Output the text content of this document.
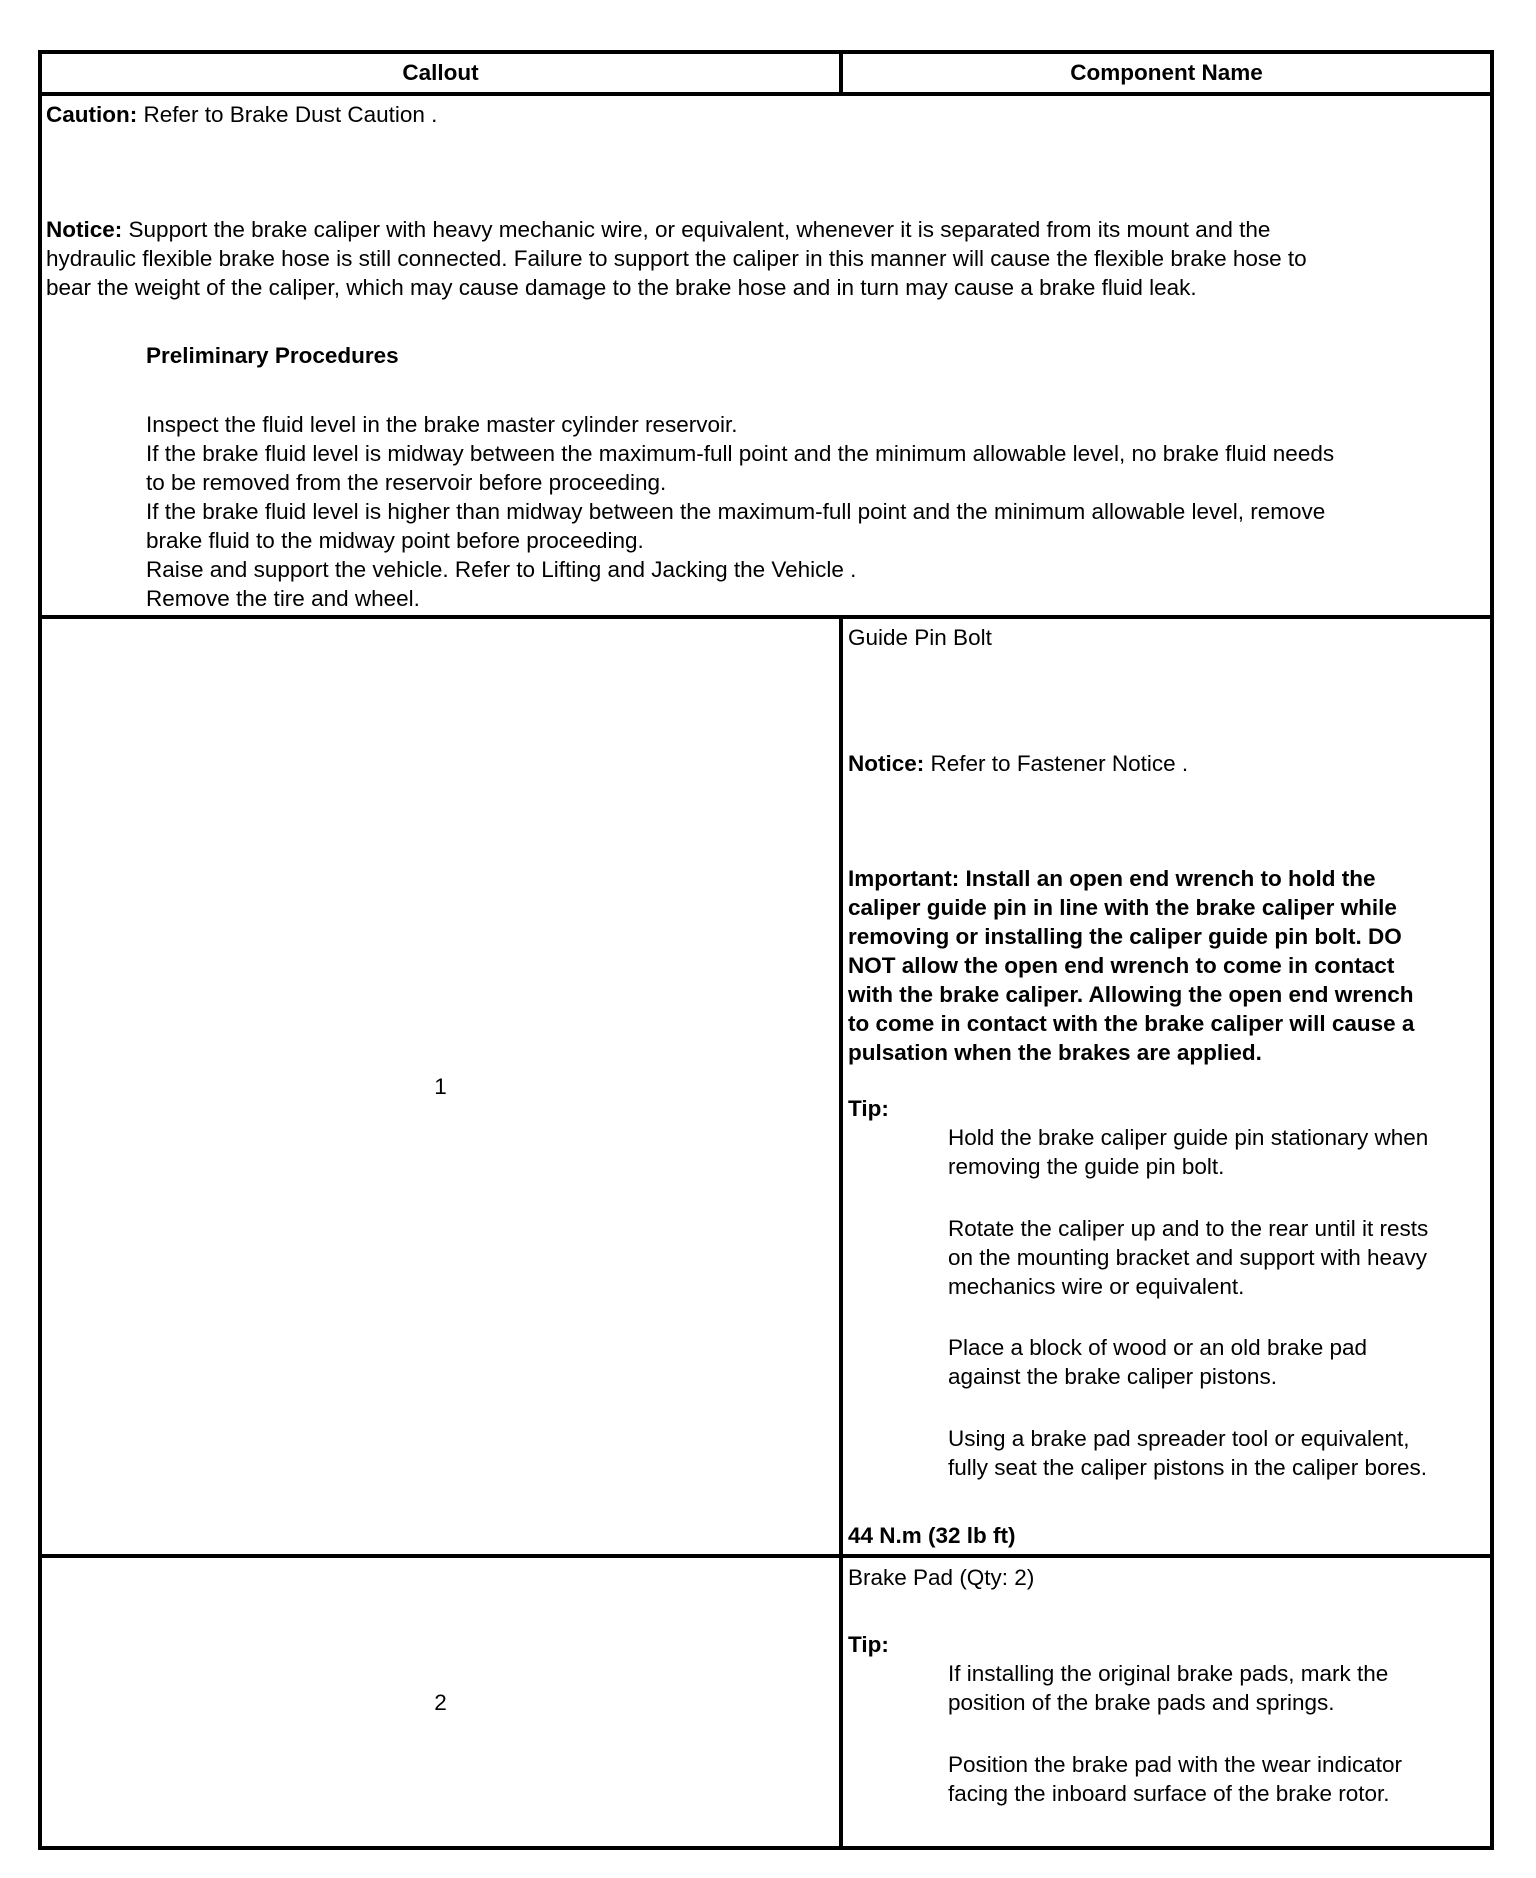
Callout	Component Name
Caution: Refer to Brake Dust Caution .
Notice: Support the brake caliper with heavy mechanic wire, or equivalent, whenever it is separated from its mount and the
hydraulic flexible brake hose is still connected. Failure to support the caliper in this manner will cause the flexible brake hose to
bear the weight of the caliper, which may cause damage to the brake hose and in turn may cause a brake fluid leak.
Preliminary Procedures
Inspect the fluid level in the brake master cylinder reservoir.
If the brake fluid level is midway between the maximum-full point and the minimum allowable level, no brake fluid needs
to be removed from the reservoir before proceeding.
If the brake fluid level is higher than midway between the maximum-full point and the minimum allowable level, remove
brake fluid to the midway point before proceeding.
Raise and support the vehicle. Refer to Lifting and Jacking the Vehicle .
Remove the tire and wheel.
1
Guide Pin Bolt
Notice: Refer to Fastener Notice .
Important: Install an open end wrench to hold the
caliper guide pin in line with the brake caliper while
removing or installing the caliper guide pin bolt. DO
NOT allow the open end wrench to come in contact
with the brake caliper. Allowing the open end wrench
to come in contact with the brake caliper will cause a
pulsation when the brakes are applied.
Tip:
Hold the brake caliper guide pin stationary when
removing the guide pin bolt.
Rotate the caliper up and to the rear until it rests
on the mounting bracket and support with heavy
mechanics wire or equivalent.
Place a block of wood or an old brake pad
against the brake caliper pistons.
Using a brake pad spreader tool or equivalent,
fully seat the caliper pistons in the caliper bores.
44 N.m (32 lb ft)
2
Brake Pad (Qty: 2)
Tip:
If installing the original brake pads, mark the
position of the brake pads and springs.
Position the brake pad with the wear indicator
facing the inboard surface of the brake rotor.
